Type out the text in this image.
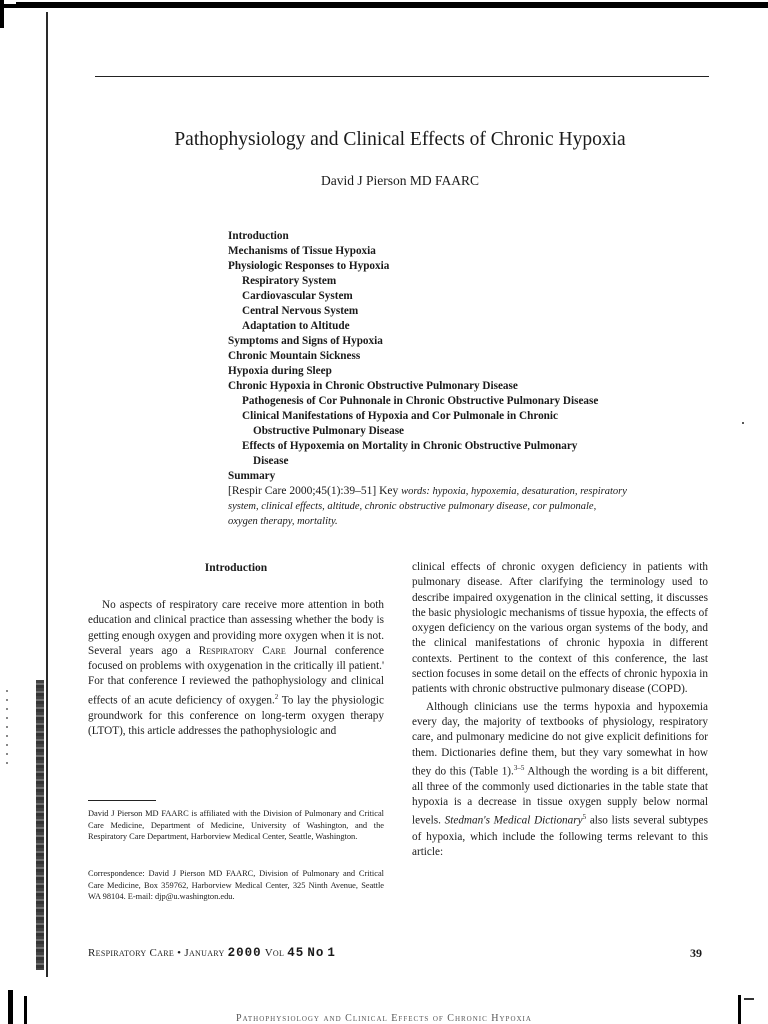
Pathophysiology and Clinical Effects of Chronic Hypoxia
David J Pierson MD FAARC
Introduction
Mechanisms of Tissue Hypoxia
Physiologic Responses to Hypoxia
Respiratory System
Cardiovascular System
Central Nervous System
Adaptation to Altitude
Symptoms and Signs of Hypoxia
Chronic Mountain Sickness
Hypoxia during Sleep
Chronic Hypoxia in Chronic Obstructive Pulmonary Disease
Pathogenesis of Cor Puhnonale in Chronic Obstructive Pulmonary Disease
Clinical Manifestations of Hypoxia and Cor Pulmonale in Chronic
Obstructive Pulmonary Disease
Effects of Hypoxemia on Mortality in Chronic Obstructive Pulmonary
Disease
Summary
[Respir Care 2000;45(1):39–51] Key words: hypoxia, hypoxemia, desaturation, respiratory system, clinical effects, altitude, chronic obstructive pulmonary disease, cor pulmonale, oxygen therapy, mortality.
Introduction

No aspects of respiratory care receive more attention in both education and clinical practice than assessing whether the body is getting enough oxygen and providing more oxygen when it is not. Several years ago a Respiratory Care Journal conference focused on problems with oxygenation in the critically ill patient.' For that conference I reviewed the pathophysiology and clinical effects of an acute deficiency of oxygen.$^2$ To lay the physiologic groundwork for this conference on long-term oxygen therapy (LTOT), this article addresses the pathophysiologic and

clinical effects of chronic oxygen deficiency in patients with pulmonary disease. After clarifying the terminology used to describe impaired oxygenation in the clinical setting, it discusses the basic physiologic mechanisms of tissue hypoxia, the effects of oxygen deficiency on the various organ systems of the body, and the clinical manifestations of chronic hypoxia in different contexts. Pertinent to the context of this conference, the last section focuses in some detail on the effects of chronic hypoxia in patients with chronic obstructive pulmonary disease (COPD).

Although clinicians use the terms hypoxia and hypoxemia every day, the majority of textbooks of physiology, respiratory care, and pulmonary medicine do not give explicit definitions for them. Dictionaries define them, but they vary somewhat in how they do this (Table 1).$^{3-5}$ Although the wording is a bit different, all three of the commonly used dictionaries in the table state that hypoxia is a decrease in tissue oxygen supply below normal levels. Stedman's Medical Dictionary$^5$ also lists several subtypes of hypoxia, which include the following terms relevant to this article:

David J Pierson MD FAARC is affiliated with the Division of Pulmonary and Critical Care Medicine, Department of Medicine, University of Washington, and the Respiratory Care Department, Harborview Medical Center, Seattle, Washington.
Correspondence: David J Pierson MD FAARC, Division of Pulmonary and Critical Care Medicine, Box 359762, Harborview Medical Center, 325 Ninth Avenue, Seattle WA 98104. E-mail: djp@u.washington.edu.
Respiratory Care • January 2000 Vol 45 No 1	39
Pathophysiology and Clinical Effects of Chronic Hypoxia
